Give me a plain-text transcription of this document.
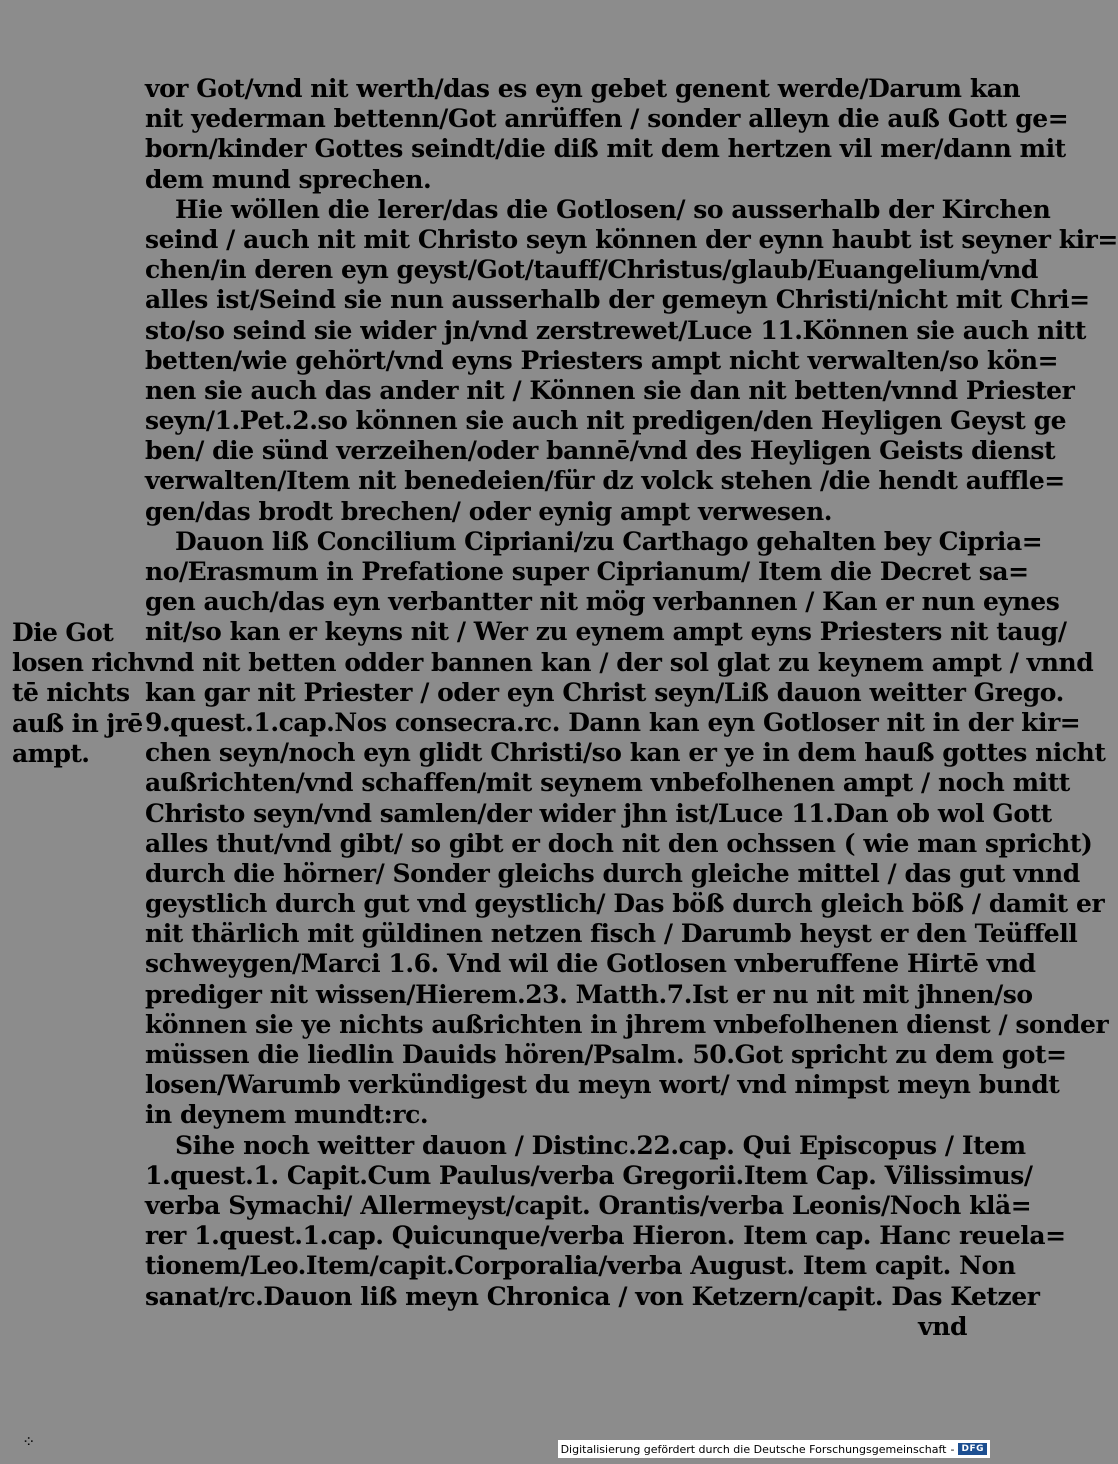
vor Got/vnd nit werth/das es eyn gebet genent werde/Darum kan
nit yederman bettenn/Got anrüffen / sonder alleyn die auß Gott ge=
born/kinder Gottes seindt/die diß mit dem hertzen vil mer/dann mit
dem mund sprechen.
Hie wöllen die lerer/das die Gotlosen/ so ausserhalb der Kirchen
seind / auch nit mit Christo seyn können der eynn haubt ist seyner kir=
chen/in deren eyn geyst/Got/tauff/Christus/glaub/Euangelium/vnd
alles ist/Seind sie nun ausserhalb der gemeyn Christi/nicht mit Chri=
sto/so seind sie wider jn/vnd zerstrewet/Luce 11.Können sie auch nitt
betten/wie gehört/vnd eyns Priesters ampt nicht verwalten/so kön=
nen sie auch das ander nit / Können sie dan nit betten/vnnd Priester
seyn/1.Pet.2.so können sie auch nit predigen/den Heyligen Geyst ge
ben/ die sünd verzeihen/oder bannē/vnd des Heyligen Geists dienst
verwalten/Item nit benedeien/für dz volck stehen /die hendt auffle=
gen/das brodt brechen/ oder eynig ampt verwesen.
Dauon liß Concilium Cipriani/zu Carthago gehalten bey Cipria=
no/Erasmum in Prefatione super Ciprianum/ Item die Decret sa=
gen auch/das eyn verbantter nit mög verbannen / Kan er nun eynes
nit/so kan er keyns nit / Wer zu eynem ampt eyns Priesters nit taug/
vnd nit betten odder bannen kan / der sol glat zu keynem ampt / vnnd
kan gar nit Priester / oder eyn Christ seyn/Liß dauon weitter Grego.
9.quest.1.cap.Nos consecra.rc. Dann kan eyn Gotloser nit in der kir=
chen seyn/noch eyn glidt Christi/so kan er ye in dem hauß gottes nicht
außrichten/vnd schaffen/mit seynem vnbefolhenen ampt / noch mitt
Christo seyn/vnd samlen/der wider jhn ist/Luce 11.Dan ob wol Gott
alles thut/vnd gibt/ so gibt er doch nit den ochssen ( wie man spricht)
durch die hörner/ Sonder gleichs durch gleiche mittel / das gut vnnd
geystlich durch gut vnd geystlich/ Das böß durch gleich böß / damit er
nit thärlich mit güldinen netzen fisch / Darumb heyst er den Teüffell
schweygen/Marci 1.6. Vnd wil die Gotlosen vnberuffene Hirtē vnd
prediger nit wissen/Hierem.23. Matth.7.Ist er nu nit mit jhnen/so
können sie ye nichts außrichten in jhrem vnbefolhenen dienst / sonder
müssen die liedlin Dauids hören/Psalm. 50.Got spricht zu dem got=
losen/Warumb verkündigest du meyn wort/ vnd nimpst meyn bundt
in deynem mundt:rc.
Sihe noch weitter dauon / Distinc.22.cap. Qui Episcopus / Item
1.quest.1. Capit.Cum Paulus/verba Gregorii.Item Cap. Vilissimus/
verba Symachi/ Allermeyst/capit. Orantis/verba Leonis/Noch klä=
rer 1.quest.1.cap. Quicunque/verba Hieron. Item cap. Hanc reuela=
tionem/Leo.Item/capit.Corporalia/verba August. Item capit. Non
sanat/rc.Dauon liß meyn Chronica / von Ketzern/capit. Das Ketzer
vnd
Die Got
losen rich
tē nichts
auß in jrē
ampt.
⁘	Digitalisierung gefördert durch die Deutsche Forschungsgemeinschaft - DFG
